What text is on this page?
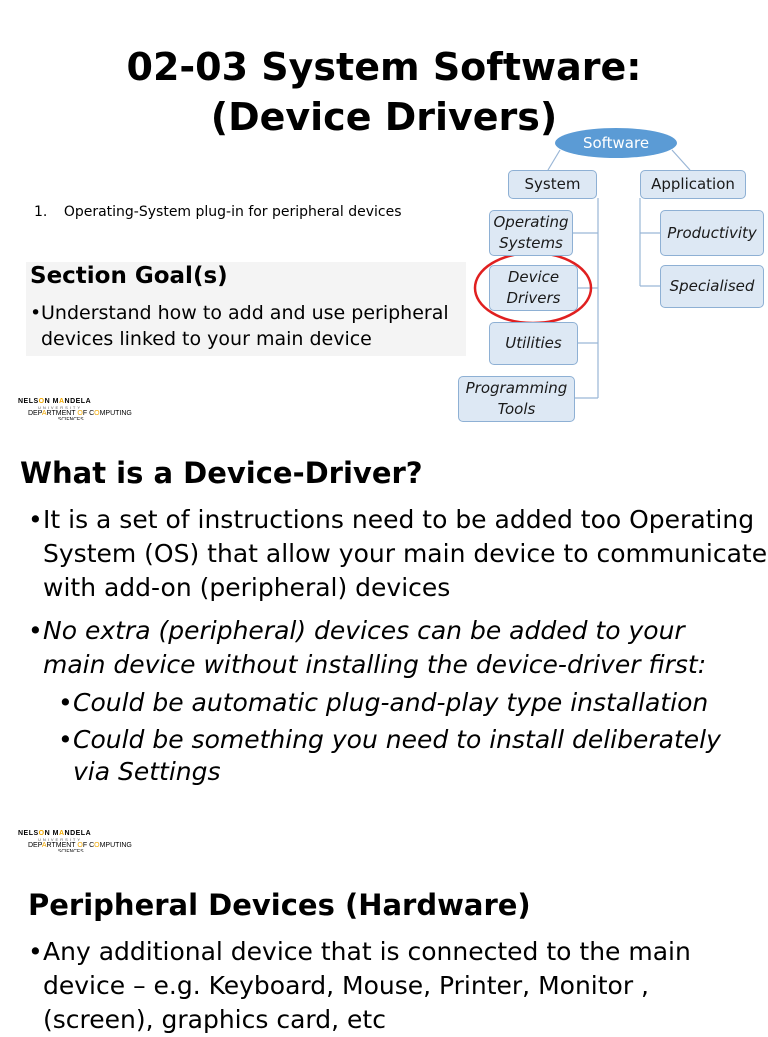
02-03 System Software:
(Device Drivers)
1. Operating-System plug-in for peripheral devices
Section Goal(s)
• Understand how to add and use peripheral devices linked to your main device
Software
System	Application
Operating Systems
Device Drivers
Utilities
Programming Tools
Productivity
Specialised
NELSON MANDELA
UNIVERSITY
DEPARTMENT OF COMPUTING
SCIENCES
What is a Device-Driver?
• It is a set of instructions need to be added too Operating System (OS) that allow your main device to communicate with add-on (peripheral) devices
• No extra (peripheral) devices can be added to your main device without installing the device-driver first:
• Could be automatic plug-and-play type installation
• Could be something you need to install deliberately via Settings
NELSON MANDELA
UNIVERSITY
DEPARTMENT OF COMPUTING
SCIENCES
Peripheral Devices (Hardware)
• Any additional device that is connected to the main device – e.g. Keyboard, Mouse, Printer, Monitor , (screen), graphics card, etc
